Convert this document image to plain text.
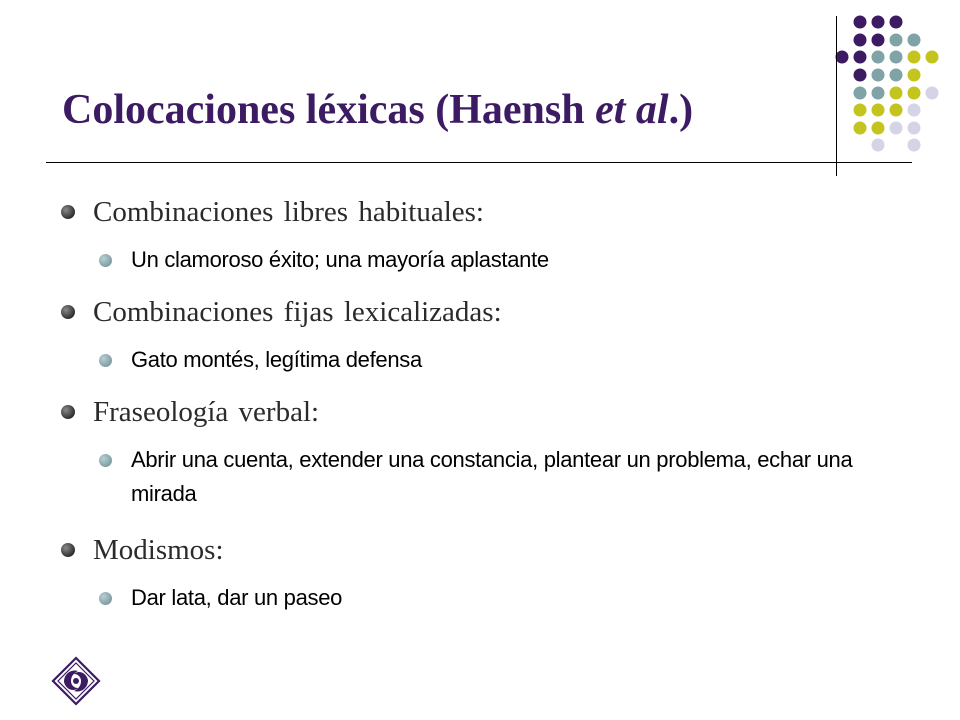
Colocaciones léxicas (Haensh et al.)
Combinaciones libres habituales:
Un clamoroso éxito; una mayoría aplastante
Combinaciones fijas lexicalizadas:
Gato montés, legítima defensa
Fraseología verbal:
Abrir una cuenta, extender una constancia, plantear un problema, echar una mirada
Modismos:
Dar lata, dar un paseo
